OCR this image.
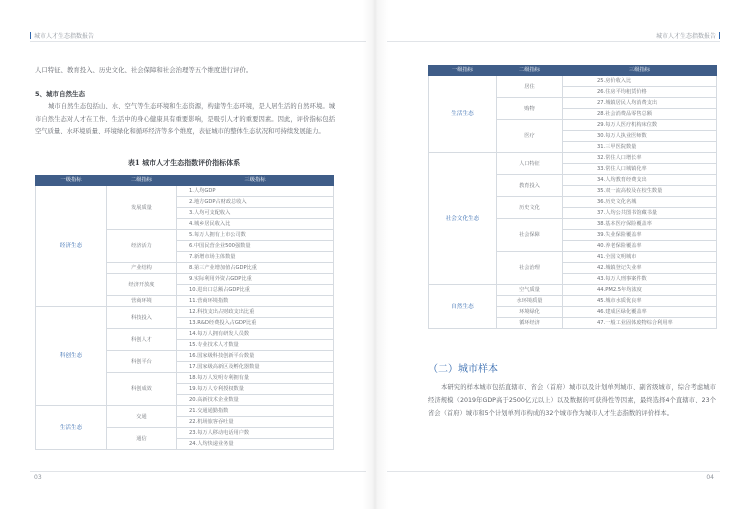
城市人才生态指数报告
人口特征、教育投入、历史文化、社会保障和社会治理等五个维度进行评价。
5、城市自然生态

城市自然生态包括山、水、空气等生态环境和生态资源，构建等生态环境，是人居生活的自然环境。城市自然生态对人才在工作、生活中的身心健康具有重要影响，是吸引人才的重要因素。因此，评价指标包括空气质量、水环境质量、环境绿化和循环经济等多个维度，表征城市的整体生态状况和可持续发展能力。

表1 城市人才生态指数评价指标体系
一级指标	二级指标	三级指标
经济生态	发展质量	1.人均GDP
		2.地方GDP占财政总收入
		3.人均可支配收入
		4.城乡居民收入比
	经济活力	5.每万人拥有上市公司数
		6.中国民营企业500强数量
		7.新增市场主体数量
	产业结构	8.第三产业增加值占GDP比重
	经济开放度	9.实际利用外资占GDP比重
		10.进出口总额占GDP比重
	营商环境	11.营商环境指数
科创生态	科技投入	12.科技支出占财政支出比重
		13.R&D经费投入占GDP比重
	科创人才	14.每万人拥有研发人员数
		15.专业技术人才数量
	科创平台	16.国家级科技创新平台数量
		17.国家级高新区及孵化器数量
	科创成效	18.每万人发明专利拥有量
		19.每万人专利授权数量
		20.高新技术企业数量
生活生态	交通	21.交通通勤指数
		22.机场旅客吞吐量
	通信	23.每万人移动电话用户数
		24.人均快递业务量
03
城市人才生态指数报告
一级指标	二级指标	三级指标
生活生态	居住	25.房价收入比
		26.住房平均租赁价格
	购物	27.城镇居民人均消费支出
		28.社会消费品零售总额
	医疗	29.每万人医疗机构床位数
		30.每万人执业医师数
		31.三甲医院数量
社会文化生态	人口特征	32.常住人口增长率
		33.常住人口城镇化率
	教育投入	34.人均教育经费支出
		35.双一流高校及在校生数量
	历史文化	36.历史文化名城
		37.人均公共图书馆藏书量
	社会保障	38.基本医疗保险覆盖率
		39.失业保险覆盖率
		40.养老保险覆盖率
	社会治理	41.全国文明城市
		42.城镇登记失业率
		43.每万人刑事案件数
自然生态	空气质量	44.PM2.5年均浓度
	水环境质量	45.城市水质优良率
	环境绿化	46.建成区绿化覆盖率
	循环经济	47.一般工业固体废物综合利用率
（二）城市样本

本研究的样本城市包括直辖市、省会（首府）城市以及计划单列城市、副省级城市，综合考虑城市经济规模（2019年GDP高于2500亿元以上）以及数据的可获得性等因素，最终选择4个直辖市、23个省会（首府）城市和5个计划单列市构成的32个城市作为城市人才生态指数的评价样本。

04
